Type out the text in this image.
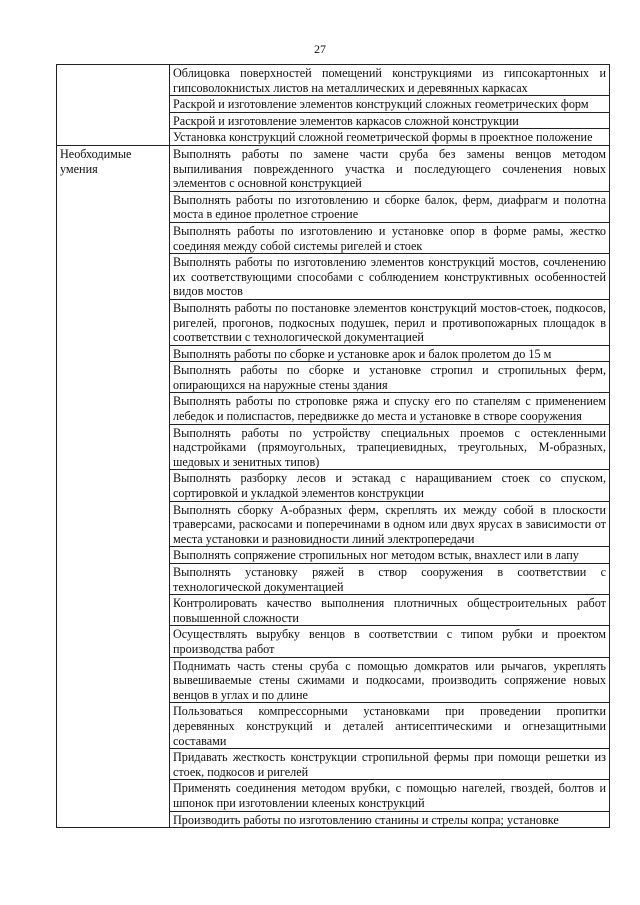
27
	Облицовка поверхностей помещений конструкциями из гипсокартонных и гипсоволокнистых листов на металлических и деревянных каркасах
	Раскрой и изготовление элементов конструкций сложных геометрических форм
	Раскрой и изготовление элементов каркасов сложной конструкции
	Установка конструкций сложной геометрической формы в проектное положение
Необходимые умения	Выполнять работы по замене части сруба без замены венцов методом выпиливания поврежденного участка и последующего сочленения новых элементов с основной конструкцией
	Выполнять работы по изготовлению и сборке балок, ферм, диафрагм и полотна моста в единое пролетное строение
	Выполнять работы по изготовлению и установке опор в форме рамы, жестко соединяя между собой системы ригелей и стоек
	Выполнять работы по изготовлению элементов конструкций мостов, сочленению их соответствующими способами с соблюдением конструктивных особенностей видов мостов
	Выполнять работы по постановке элементов конструкций мостов-стоек, подкосов, ригелей, прогонов, подкосных подушек, перил и противопожарных площадок в соответствии с технологической документацией
	Выполнять работы по сборке и установке арок и балок пролетом до 15 м
	Выполнять работы по сборке и установке стропил и стропильных ферм, опирающихся на наружные стены здания
	Выполнять работы по строповке ряжа и спуску его по стапелям с применением лебедок и полиспастов, передвижке до места и установке в створе сооружения
	Выполнять работы по устройству специальных проемов с остекленными надстройками (прямоугольных, трапециевидных, треугольных, М-образных, шедовых и зенитных типов)
	Выполнять разборку лесов и эстакад с наращиванием стоек со спуском, сортировкой и укладкой элементов конструкции
	Выполнять сборку А-образных ферм, скреплять их между собой в плоскости траверсами, раскосами и поперечинами в одном или двух ярусах в зависимости от места установки и разновидности линий электропередачи
	Выполнять сопряжение стропильных ног методом встык, внахлест или в лапу
	Выполнять установку ряжей в створ сооружения в соответствии с технологической документацией
	Контролировать качество выполнения плотничных общестроительных работ повышенной сложности
	Осуществлять вырубку венцов в соответствии с типом рубки и проектом производства работ
	Поднимать часть стены сруба с помощью домкратов или рычагов, укреплять вывешиваемые стены сжимами и подкосами, производить сопряжение новых венцов в углах и по длине
	Пользоваться компрессорными установками при проведении пропитки деревянных конструкций и деталей антисептическими и огнезащитными составами
	Придавать жесткость конструкции стропильной фермы при помощи решетки из стоек, подкосов и ригелей
	Применять соединения методом врубки, с помощью нагелей, гвоздей, болтов и шпонок при изготовлении клееных конструкций
	Производить работы по изготовлению станины и стрелы копра; установке
